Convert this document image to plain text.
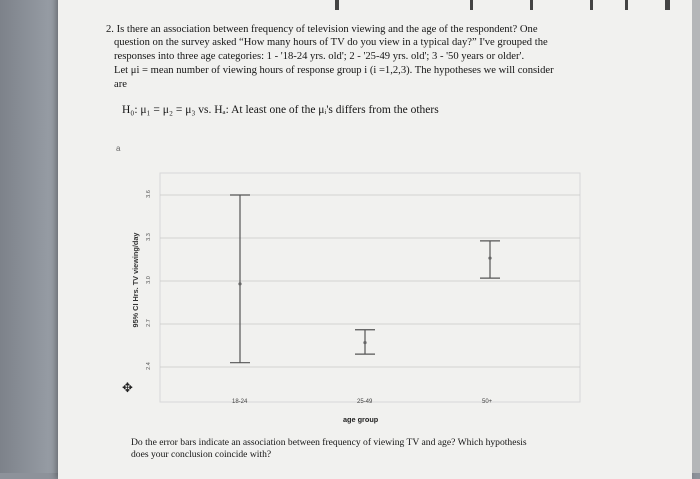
2. Is there an association between frequency of television viewing and the age of the respondent? One
question on the survey asked “How many hours of TV do you view in a typical day?” I've grouped the
responses into three age categories: 1 - '18-24 yrs. old'; 2 - '25-49 yrs. old'; 3 - '50 years or older'.
Let μi = mean number of viewing hours of response group i (i =1,2,3). The hypotheses we will consider
are
H₀: μ₁ = μ₂ = μ₃ vs. Hₐ: At least one of the μᵢ's differs from the others
a
✥
2.4
2.7
3.0
3.3
3.6
95% CI Hrs. TV viewing/day
18-24	25-49	50+
age group
Do the error bars indicate an association between frequency of viewing TV and age? Which hypothesis
does your conclusion coincide with?
